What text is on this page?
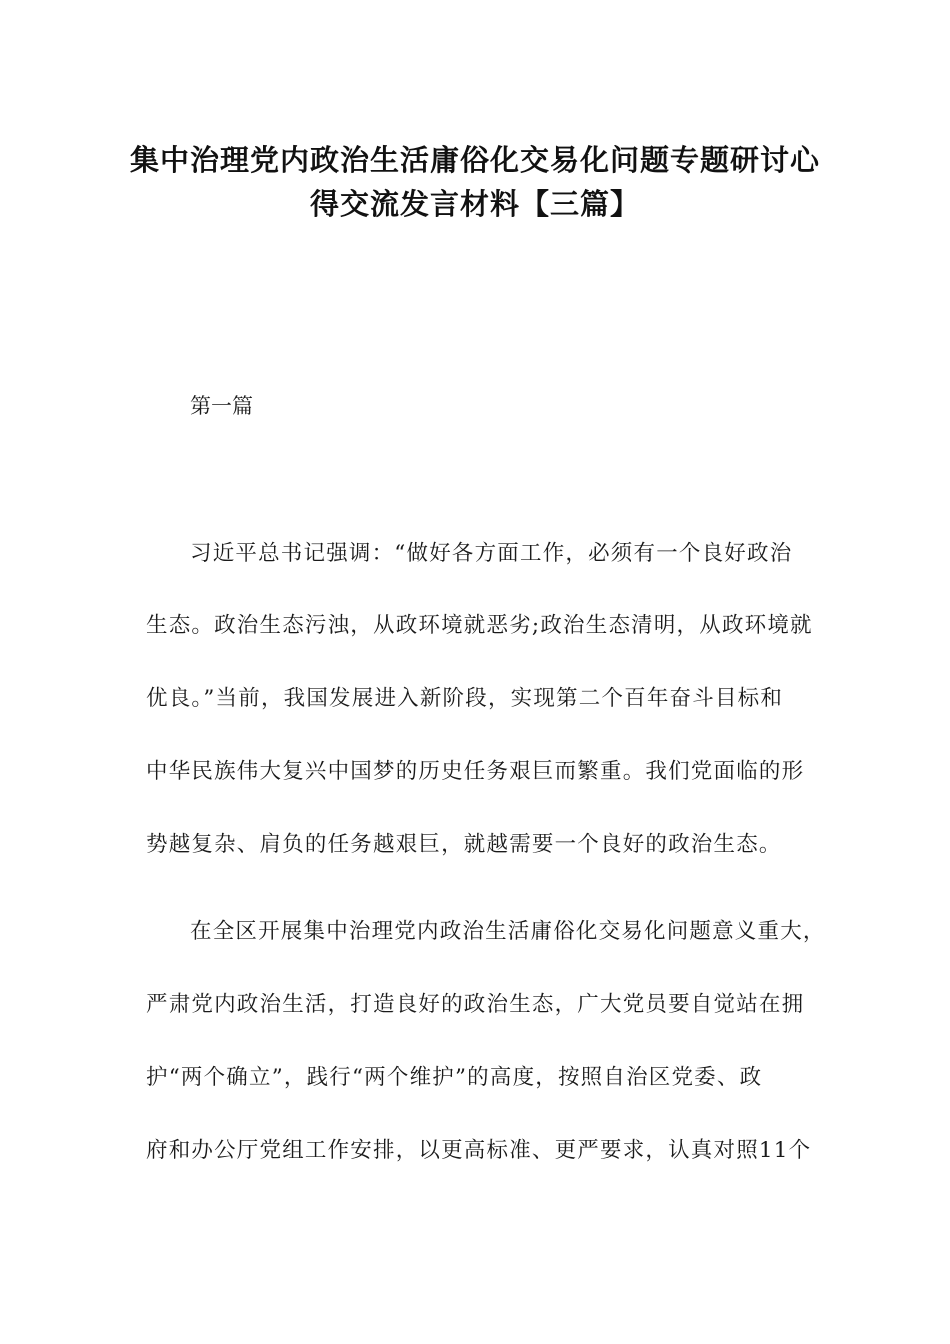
集中治理党内政治生活庸俗化交易化问题专题研讨心
得交流发言材料【三篇】
第一篇
习近平总书记强调：“做好各方面工作，必须有一个良好政治
生态。政治生态污浊，从政环境就恶劣;政治生态清明，从政环境就
优良。”当前，我国发展进入新阶段，实现第二个百年奋斗目标和
中华民族伟大复兴中国梦的历史任务艰巨而繁重。我们党面临的形
势越复杂、肩负的任务越艰巨，就越需要一个良好的政治生态。
在全区开展集中治理党内政治生活庸俗化交易化问题意义重大，
严肃党内政治生活，打造良好的政治生态，广大党员要自觉站在拥
护“两个确立”，践行“两个维护”的高度，按照自治区党委、政
府和办公厅党组工作安排，以更高标准、更严要求，认真对照11个
